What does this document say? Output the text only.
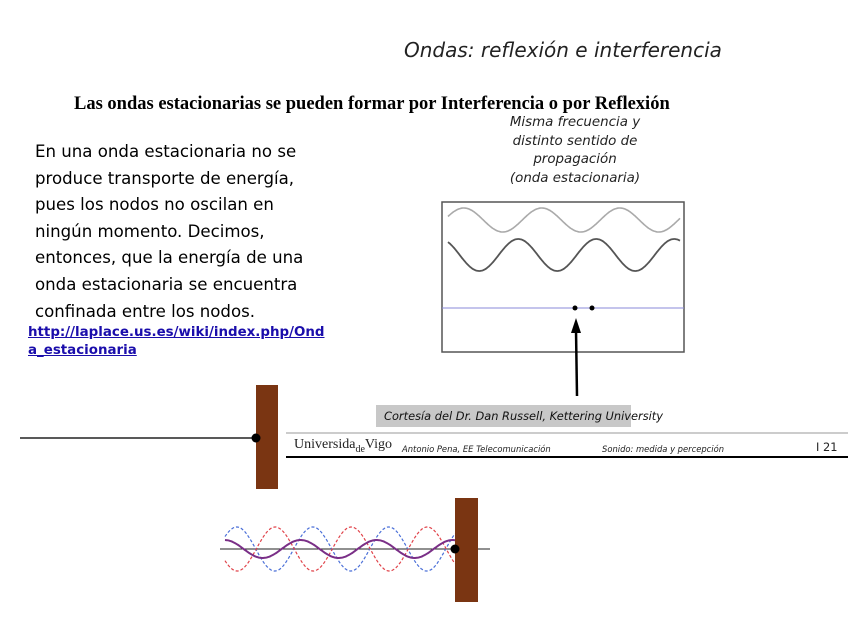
Ondas: reflexión e interferencia
Las ondas estacionarias se pueden formar por Interferencia o por Reflexión
En una onda estacionaria no se
produce transporte de energía,
pues los nodos no oscilan en
ningún momento. Decimos,
entonces, que la energía de una
onda estacionaria se encuentra
confinada entre los nodos.
http://laplace.us.es/wiki/index.php/Ond
a_estacionaria
Misma frecuencia y
distinto sentido de
propagación
(onda estacionaria)
Cortesía del Dr. Dan Russell, Kettering University
Universida$_{de}$Vigo Antonio Pena, EE Telecomunicación	Sonido: medida y percepción	I 21
